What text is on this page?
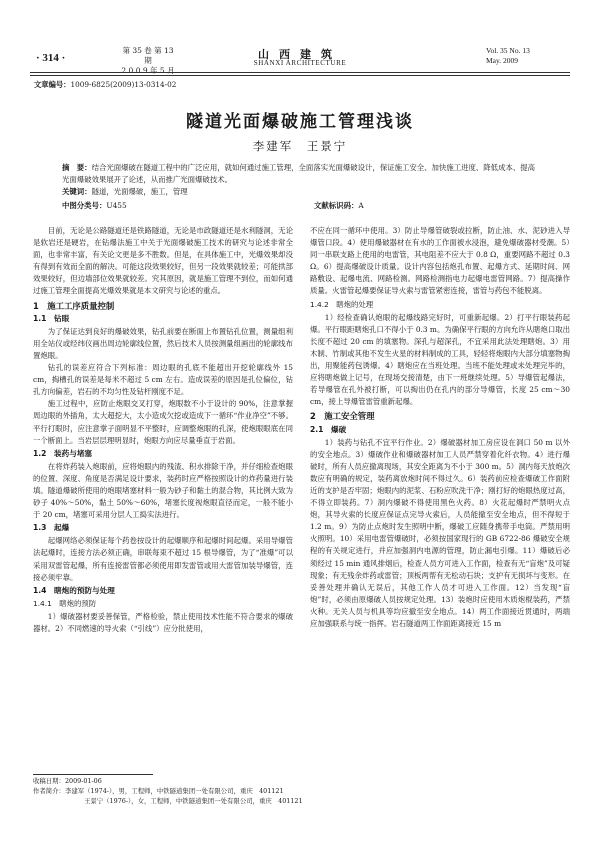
· 314 ·
第 35 卷 第 13 期
2 0 0 9 年 5 月
山西建筑
SHANXI ARCHITECTURE
Vol. 35 No. 13
May. 2009
文章编号：1009-6825(2009)13-0314-02
隧道光面爆破施工管理浅谈
李建军　王景宁
摘　要：结合光面爆破在隧道工程中的广泛应用，就如何通过施工管理，全面落实光面爆破设计，保证施工安全、加快施工进度、降低成本、提高光面爆破效果展开了论述，从而推广光面爆破技术。
关键词：隧道，光面爆破，施工，管理
中图分类号：U455	文献标识码：A

目前，无论是公路隧道还是铁路隧道，无论是市政隧道还是水利隧洞，无论是软岩还是硬岩，在钻爆法施工中关于光面爆破施工技术的研究与论述非常全面，也非常丰富，有关论文更是多不胜数。但是，在具体施工中，光爆效果却没有得到有效而全面的解决。可能这段效果较好，但另一段效果就较差；可能拱部效果较好，但边墙部位效果就较差。究其原因，就是施工管理不到位，而如何通过施工管理全面提高光爆效果就是本文研究与论述的重点。

1　施工工序质量控制
1.1　钻眼

为了保证达到良好的爆破效果，钻孔前要在断面上布置钻孔位置，测量组利用全站仪或经纬仪画出周边轮廓线位置，然后技术人员按测量组画出的轮廓线布置炮眼。

钻孔的误差应符合下列标准：周边眼的孔底不能超出开挖轮廓线外 15 cm，掏槽孔的误差是每米不超过 5 cm 左右。造成误差的原因是孔位偏位，钻孔方向偏差，岩石的不均匀性及钻杆刚度不足。

施工过程中，应防止炮眼交叉打穿，炮眼数不小于设计的 90%，注意掌握周边眼的外插角，太大超挖大，太小造成欠挖或造成下一循环“作业净空”不够。平行打眼时，应注意掌子面明显不平整时，应调整炮眼的孔深，使炮眼眼底在同一个断面上。当岩层层理明显时，炮眼方向应尽量垂直于岩面。

1.2　装药与堵塞

在将炸药装入炮眼前，应将炮眼内的残渣、积水排除干净，并仔细检查炮眼的位置、深度、角度是否满足设计要求，装药时应严格按照设计的炸药量进行装填。隧道爆破所使用的炮眼堵塞材料一般为砂子和黏土的混合物，其比例大致为砂子 40%～50%，黏土 50%～60%，堵塞长度视炮眼直径而定，一般不能小于 20 cm，堵塞可采用分层人工捣实法进行。

1.3　起爆

起爆网络必须保证每个药卷按设计的起爆顺序和起爆时间起爆。采用导爆管法起爆时，连接方法必须正确，串联每束不超过 15 根导爆管，为了“准爆”可以采用双雷管起爆，所有连接雷管都必须使用即发雷管或用大雷管加装导爆管，连接必须牢靠。

1.4　瞎炮的预防与处理
1.4.1　瞎炮的预防

1）爆破器材要妥善保管，严格检验，禁止使用技术性能不符合要求的爆破器材。2）不同燃速的导火索（“引线”）应分批使用，

不应在同一循环中使用。3）防止导爆管破裂或拉断，防止油、水、泥砂进入导爆管口段。4）使用爆破器材在有水的工作面被水浸泡，避免爆破器材受潮。5）同一串联支路上使用的电雷管，其电阻差不应大于 0.8 Ω，重要网路不超过 0.3 Ω。6）提高爆破设计质量。设计内容包括炮孔布置、起爆方式、延期时间、网路敷设、起爆电流、网路检测。网路检测指电力起爆电雷管网路。7）提高操作质量。火雷管起爆要保证导火索与雷管紧密连接，雷管与药包不能脱离。

1.4.2　瞎炮的处理

1）经检查确认炮眼的起爆线路完好时，可重新起爆。2）打平行眼装药起爆。平行眼距瞎炮孔口不得小于 0.3 m。为确保平行眼的方向允许从瞎炮口取出长度不超过 20 cm 的填塞物。深孔与超深孔，不宜采用此法处理瞎炮。3）用木制、竹制或其他不发生火星的材料制成的工具，轻轻将炮眼内大部分填塞物掏出，用聚能药包诱爆。4）瞎炮应在当班处理。当班不能处理或未处理完毕的，应将瞎炮做上记号，在现场交接清楚，由下一班继续处理。5）导爆管起爆法，若导爆管在孔外被打断，可以掏出仍在孔内的部分导爆管，长度 25 cm～30 cm，接上导爆管雷管重新起爆。

2　施工安全管理
2.1　爆破

1）装药与钻孔不宜平行作业。2）爆破器材加工房应设在洞口 50 m 以外的安全地点。3）爆破作业和爆破器材加工人员严禁穿着化纤衣物。4）进行爆破时，所有人员应撤离现场，其安全距离为不小于 300 m。5）洞内每天放炮次数应有明确的规定，装药离放炮时间不得过久。6）装药前应检查爆破工作面附近的支护是否牢固；炮眼内的泥浆、石粉应吹洗干净；刚打好的炮眼热度过高，不得立即装药。7）洞内爆破不得使用黑色火药。8）火花起爆时严禁明火点炮，其导火索的长度应保证点完导火索后，人员能撤至安全地点，但不得短于 1.2 m。9）为防止点炮时发生照明中断，爆破工应随身携带手电筒。严禁用明火照明。10）采用电雷管爆破时，必须按国家现行的 GB 6722-86 爆破安全规程的有关规定进行，并应加强洞内电源的管理，防止漏电引爆。11）爆破后必须经过 15 min 通风排烟后，检查人员方可进入工作面，检查有无“盲炮”及可疑现象；有无残余炸药或雷管；顶板两帮有无松动石块；支护有无损坏与变形。在妥善处理并确认无误后，其他工作人员才可进入工作面。12）当发现“盲炮”时，必须由原爆破人员按规定处理。13）装炮时应使用木质炮棍装药，严禁火种。无关人员与机具等均应撤至安全地点。14）两工作面接近贯通时，两端应加强联系与统一指挥。岩石隧道两工作面距离接近 15 m

收稿日期：2009-01-06
作者简介：李建军（1974-），男，工程师，中铁隧道集团一处有限公司，重庆　401121
王景宁（1976-），女，工程师，中铁隧道集团一处有限公司，重庆　401121
